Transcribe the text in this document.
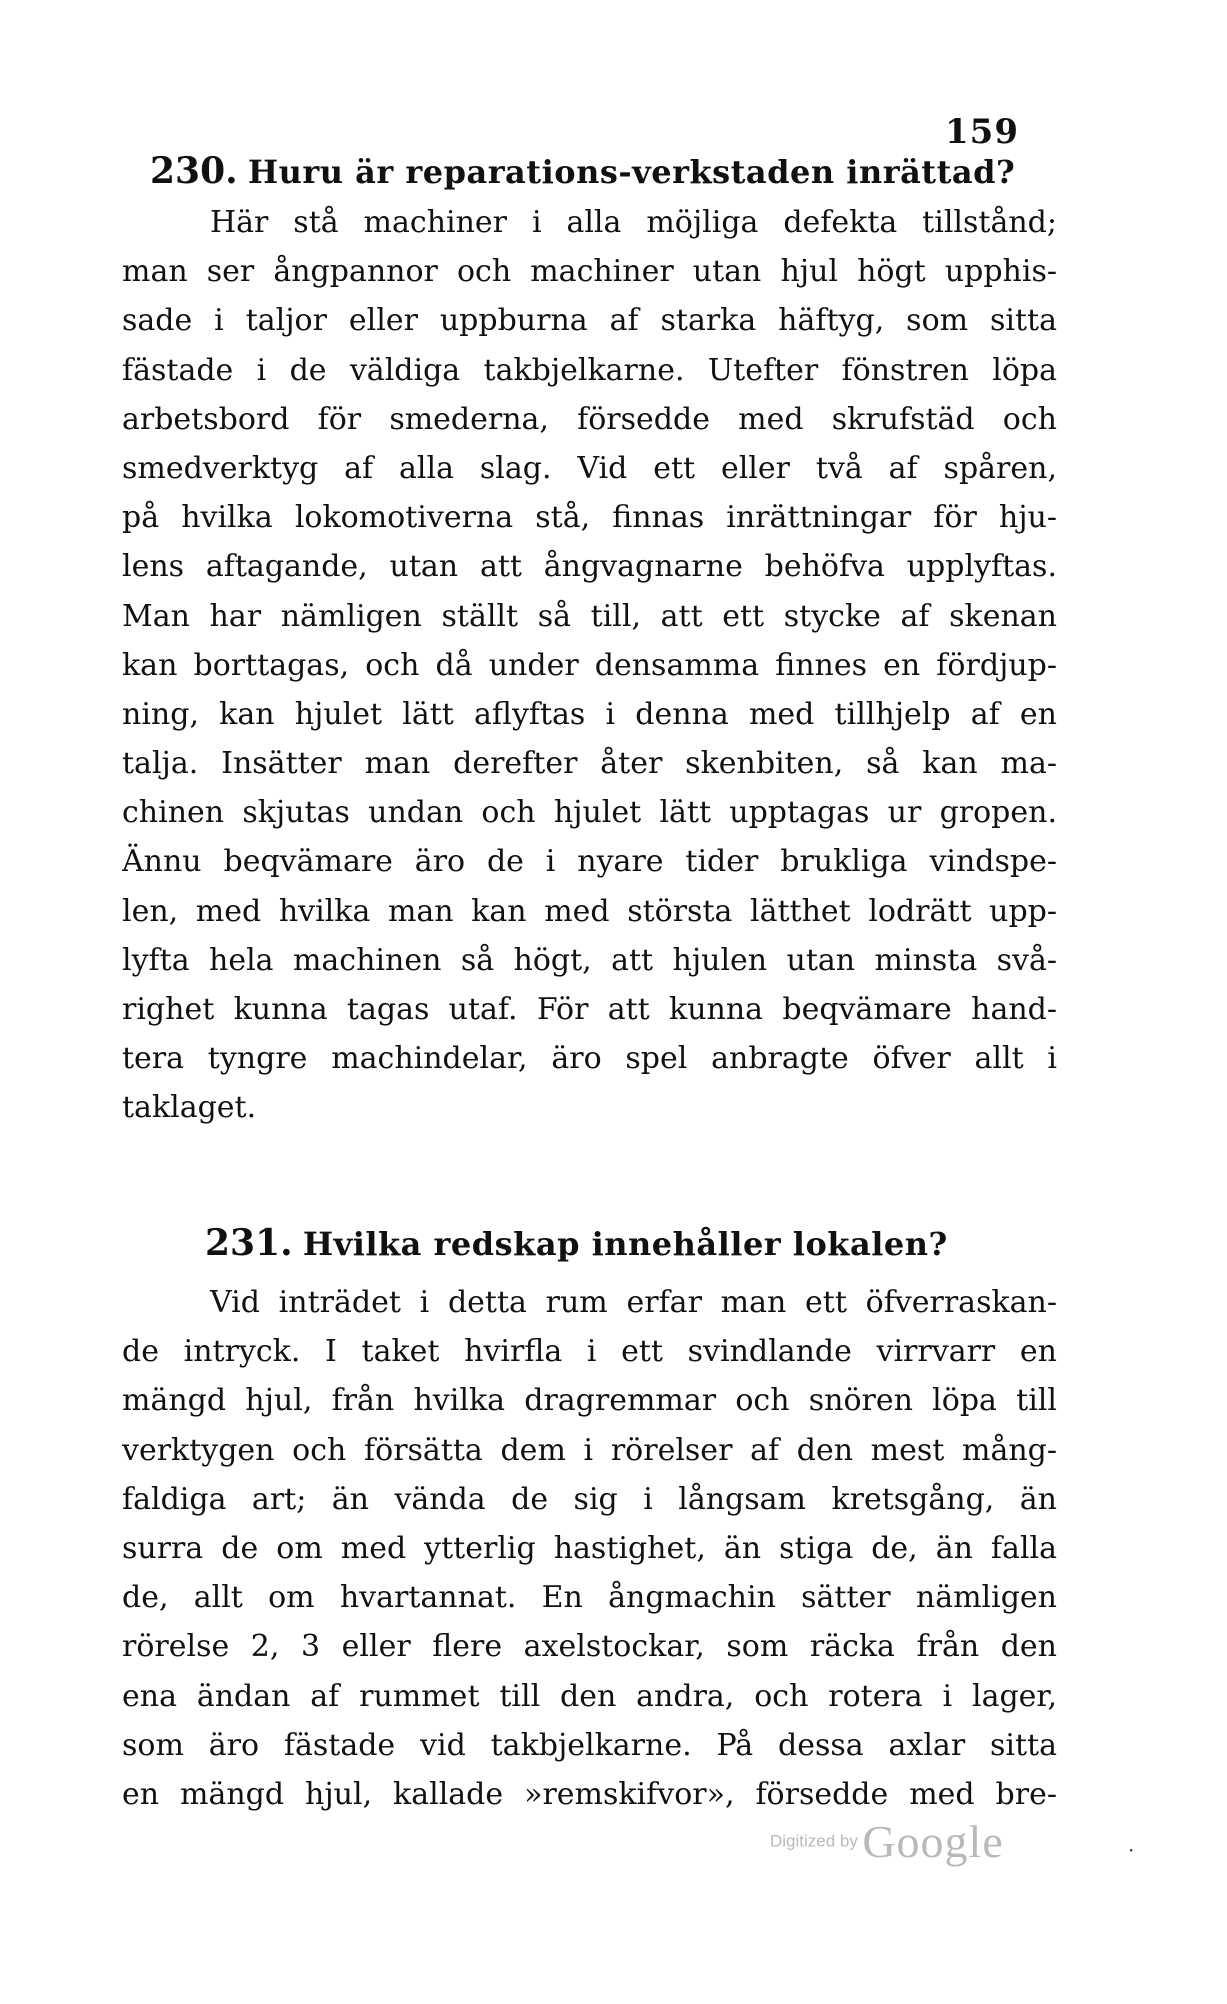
159
230. Huru är reparations-verkstaden inrättad?
Här stå machiner i alla möjliga defekta tillstånd;
man ser ångpannor och machiner utan hjul högt upphis-
sade i taljor eller uppburna af starka häftyg, som sitta
fästade i de väldiga takbjelkarne. Utefter fönstren löpa
arbetsbord för smederna, försedde med skrufstäd och
smedverktyg af alla slag. Vid ett eller två af spåren,
på hvilka lokomotiverna stå, finnas inrättningar för hju-
lens aftagande, utan att ångvagnarne behöfva upplyftas.
Man har nämligen ställt så till, att ett stycke af skenan
kan borttagas, och då under densamma finnes en fördjup-
ning, kan hjulet lätt aflyftas i denna med tillhjelp af en
talja. Insätter man derefter åter skenbiten, så kan ma-
chinen skjutas undan och hjulet lätt upptagas ur gropen.
Ännu beqvämare äro de i nyare tider brukliga vindspe-
len, med hvilka man kan med största lätthet lodrätt upp-
lyfta hela machinen så högt, att hjulen utan minsta svå-
righet kunna tagas utaf. För att kunna beqvämare hand-
tera tyngre machindelar, äro spel anbragte öfver allt i
taklaget.
231. Hvilka redskap innehåller lokalen?
Vid inträdet i detta rum erfar man ett öfverraskan-
de intryck. I taket hvirfla i ett svindlande virrvarr en
mängd hjul, från hvilka dragremmar och snören löpa till
verktygen och försätta dem i rörelser af den mest mång-
faldiga art; än vända de sig i långsam kretsgång, än
surra de om med ytterlig hastighet, än stiga de, än falla
de, allt om hvartannat. En ångmachin sätter nämligen
rörelse 2, 3 eller flere axelstockar, som räcka från den
ena ändan af rummet till den andra, och rotera i lager,
som äro fästade vid takbjelkarne. På dessa axlar sitta
en mängd hjul, kallade »remskifvor», försedde med bre-
Digitized by Google	·
